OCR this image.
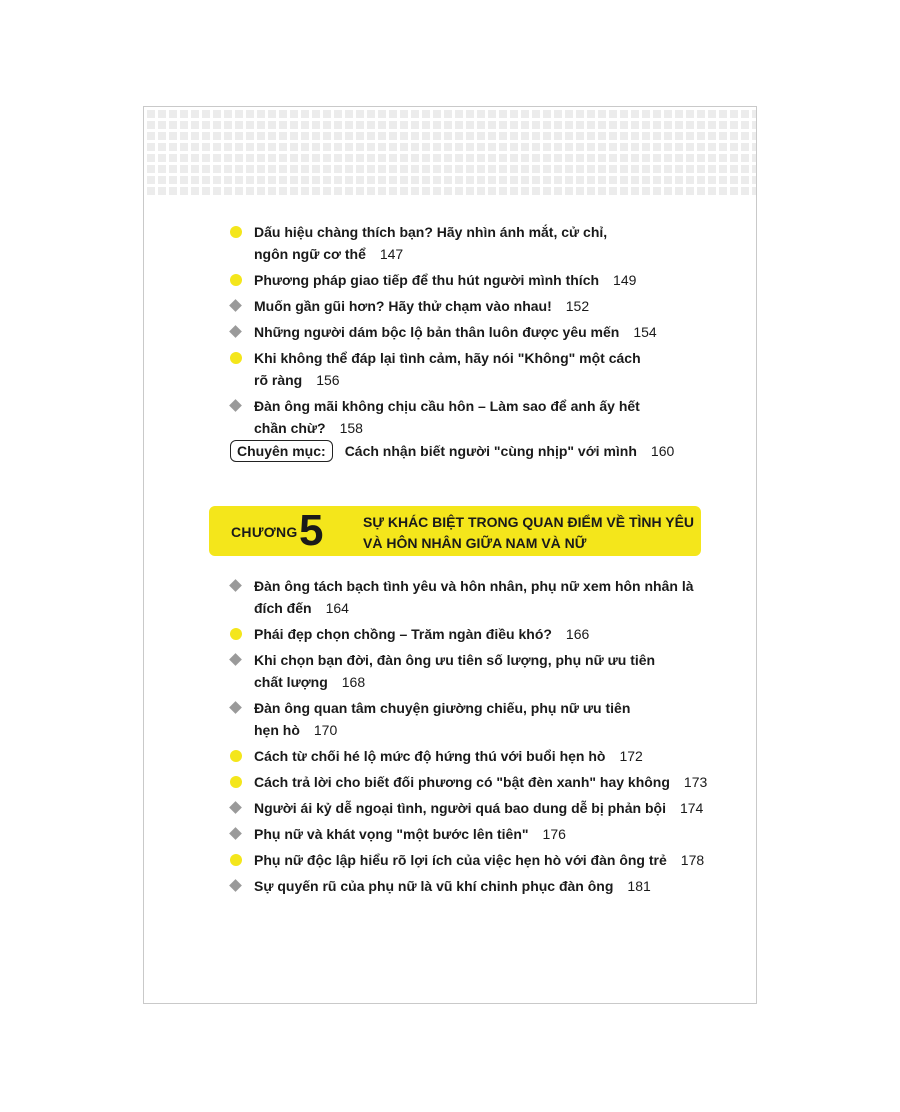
Dấu hiệu chàng thích bạn? Hãy nhìn ánh mắt, cử chỉ,
ngôn ngữ cơ thể 147
Phương pháp giao tiếp để thu hút người mình thích 149
Muốn gần gũi hơn? Hãy thử chạm vào nhau! 152
Những người dám bộc lộ bản thân luôn được yêu mến 154
Khi không thể đáp lại tình cảm, hãy nói "Không" một cách
rõ ràng 156
Đàn ông mãi không chịu cầu hôn – Làm sao để anh ấy hết
chần chừ? 158
Chuyên mục: Cách nhận biết người "cùng nhịp" với mình 160
CHƯƠNG 5	SỰ KHÁC BIỆT TRONG QUAN ĐIỂM VỀ TÌNH YÊU
VÀ HÔN NHÂN GIỮA NAM VÀ NỮ
Đàn ông tách bạch tình yêu và hôn nhân, phụ nữ xem hôn nhân là
đích đến 164
Phái đẹp chọn chồng – Trăm ngàn điều khó? 166
Khi chọn bạn đời, đàn ông ưu tiên số lượng, phụ nữ ưu tiên
chất lượng 168
Đàn ông quan tâm chuyện giường chiếu, phụ nữ ưu tiên
hẹn hò 170
Cách từ chối hé lộ mức độ hứng thú với buổi hẹn hò 172
Cách trả lời cho biết đối phương có "bật đèn xanh" hay không 173
Người ái kỷ dễ ngoại tình, người quá bao dung dễ bị phản bội 174
Phụ nữ và khát vọng "một bước lên tiên" 176
Phụ nữ độc lập hiểu rõ lợi ích của việc hẹn hò với đàn ông trẻ 178
Sự quyến rũ của phụ nữ là vũ khí chinh phục đàn ông 181
